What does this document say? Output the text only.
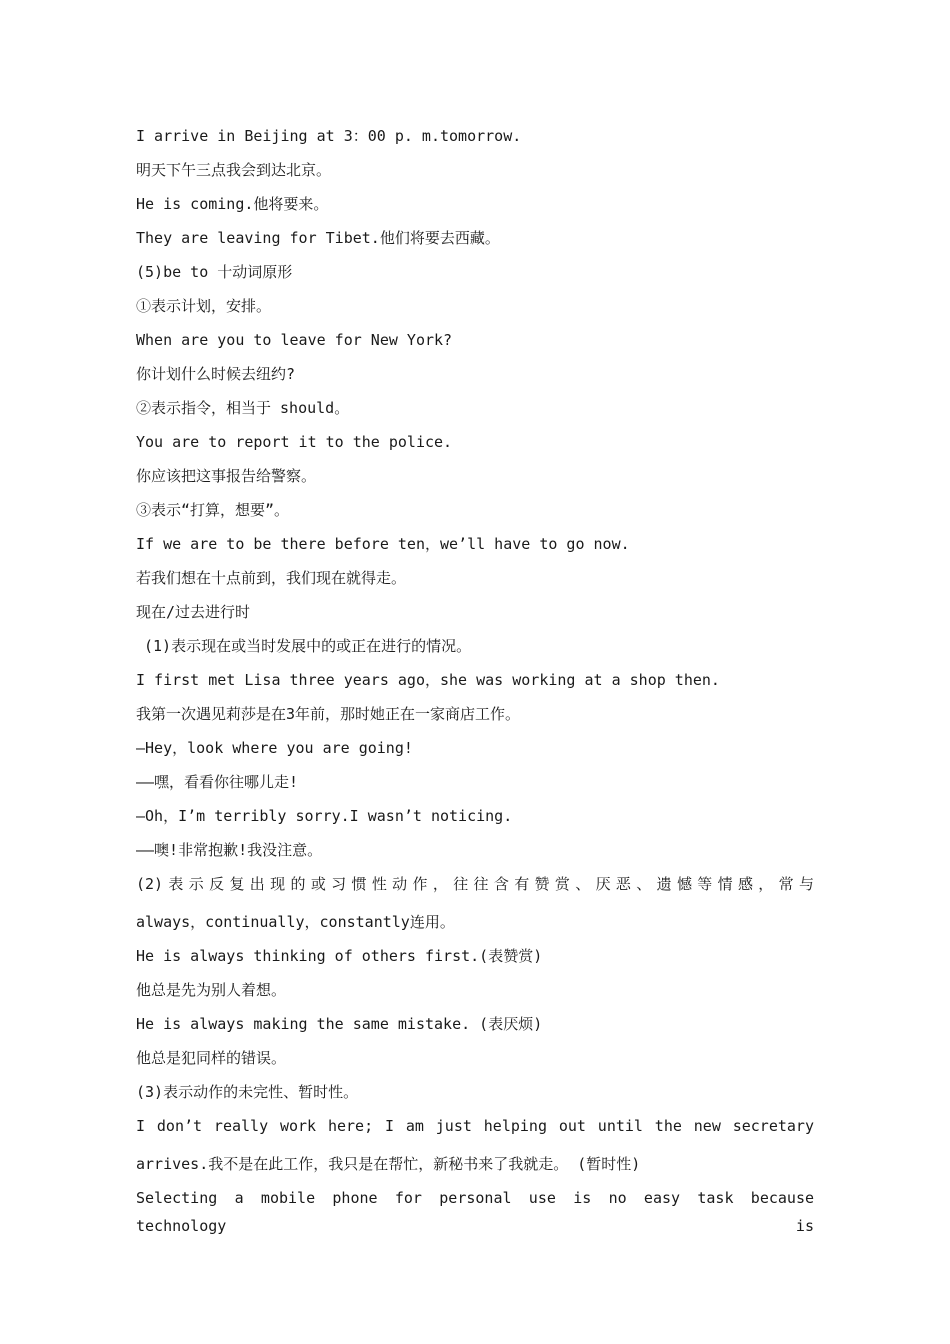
I arrive in Beijing at 3：00 p. m.tomorrow.
明天下午三点我会到达北京。
He is coming.他将要来。
They are leaving for Tibet.他们将要去西藏。
(5)be to 十动词原形
①表示计划，安排。
When are you to leave for New York?
你计划什么时候去纽约?
②表示指令，相当于 should。
You are to report it to the police.
你应该把这事报告给警察。
③表示“打算，想要”。
If we are to be there before ten，we’ll have to go now.
若我们想在十点前到，我们现在就得走。
现在/过去进行时
(1)表示现在或当时发展中的或正在进行的情况。
I first met Lisa three years ago，she was working at a shop then.
我第一次遇见莉莎是在3年前，那时她正在一家商店工作。
—Hey，look where you are going!
——嘿，看看你往哪儿走!
—Oh，I’m terribly sorry.I wasn’t noticing.
——噢!非常抱歉!我没注意。
(2)表示反复出现的或习惯性动作，往往含有赞赏、厌恶、遗憾等情感，常与
always，continually，constantly连用。
He is always thinking of others first.(表赞赏)
他总是先为别人着想。
He is always making the same mistake. (表厌烦)
他总是犯同样的错误。
(3)表示动作的未完性、暂时性。
I don’t really work here; I am just helping out until the new secretary
arrives.我不是在此工作，我只是在帮忙，新秘书来了我就走。 (暂时性)
Selecting a mobile phone for personal use is no easy task because technology is
